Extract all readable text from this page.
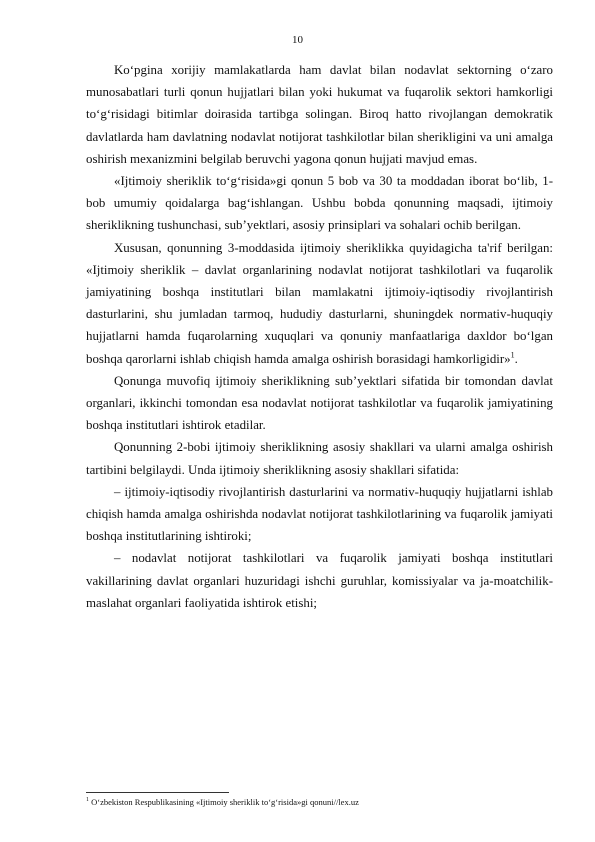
10

Ko‘pgina xorijiy mamlakatlarda ham davlat bilan nodavlat sektorning o‘zaro munosabatlari turli qonun hujjatlari bilan yoki hukumat va fuqarolik sektori hamkorligi to‘g‘risidagi bitimlar doirasida tartibga solingan. Biroq hatto rivojlangan demokratik davlatlarda ham davlatning nodavlat notijorat tashkilotlar bilan sherikligini va uni amalga oshirish mexanizmini belgilab beruvchi yagona qonun hujjati mavjud emas.

«Ijtimoiy sheriklik to‘g‘risida»gi qonun 5 bob va 30 ta moddadan iborat bo‘lib, 1-bob umumiy qoidalarga bag‘ishlangan. Ushbu bobda qonunning maqsadi, ijtimoiy sheriklikning tushunchasi, sub’yektlari, asosiy prinsiplari va sohalari ochib berilgan.

Xususan, qonunning 3-moddasida ijtimoiy sheriklikka quyidagicha ta'rif berilgan: «Ijtimoiy sheriklik – davlat organlarining nodavlat notijorat tashkilotlari va fuqarolik jamiyatining boshqa institutlari bilan mamlakatni ijtimoiy-iqtisodiy rivojlantirish dasturlarini, shu jumladan tarmoq, hududiy dasturlarni, shuningdek normativ-huquqiy hujjatlarni hamda fuqarolarning xuquqlari va qonuniy manfaatlariga daxldor bo‘lgan boshqa qarorlarni ishlab chiqish hamda amalga oshirish borasidagi hamkorligidir»$^1$.

Qonunga muvofiq ijtimoiy sheriklikning sub’yektlari sifatida bir tomondan davlat organlari, ikkinchi tomondan esa nodavlat notijorat tashkilotlar va fuqarolik jamiyatining boshqa institutlari ishtirok etadilar.

Qonunning 2-bobi ijtimoiy sheriklikning asosiy shakllari va ularni amalga oshirish tartibini belgilaydi. Unda ijtimoiy sheriklikning asosiy shakllari sifatida:

– ijtimoiy-iqtisodiy rivojlantirish dasturlarini va normativ-huquqiy hujjatlarni ishlab chiqish hamda amalga oshirishda nodavlat notijorat tashkilotlarining va fuqarolik jamiyati boshqa institutlarining ishtiroki;

– nodavlat notijorat tashkilotlari va fuqarolik jamiyati boshqa institutlari vakillarining davlat organlari huzuridagi ishchi guruhlar, komissiyalar va ja-moatchilik-maslahat organlari faoliyatida ishtirok etishi;

$^1$ O‘zbekiston Respublikasining «Ijtimoiy sheriklik to‘g‘risida»gi qonuni//lex.uz
